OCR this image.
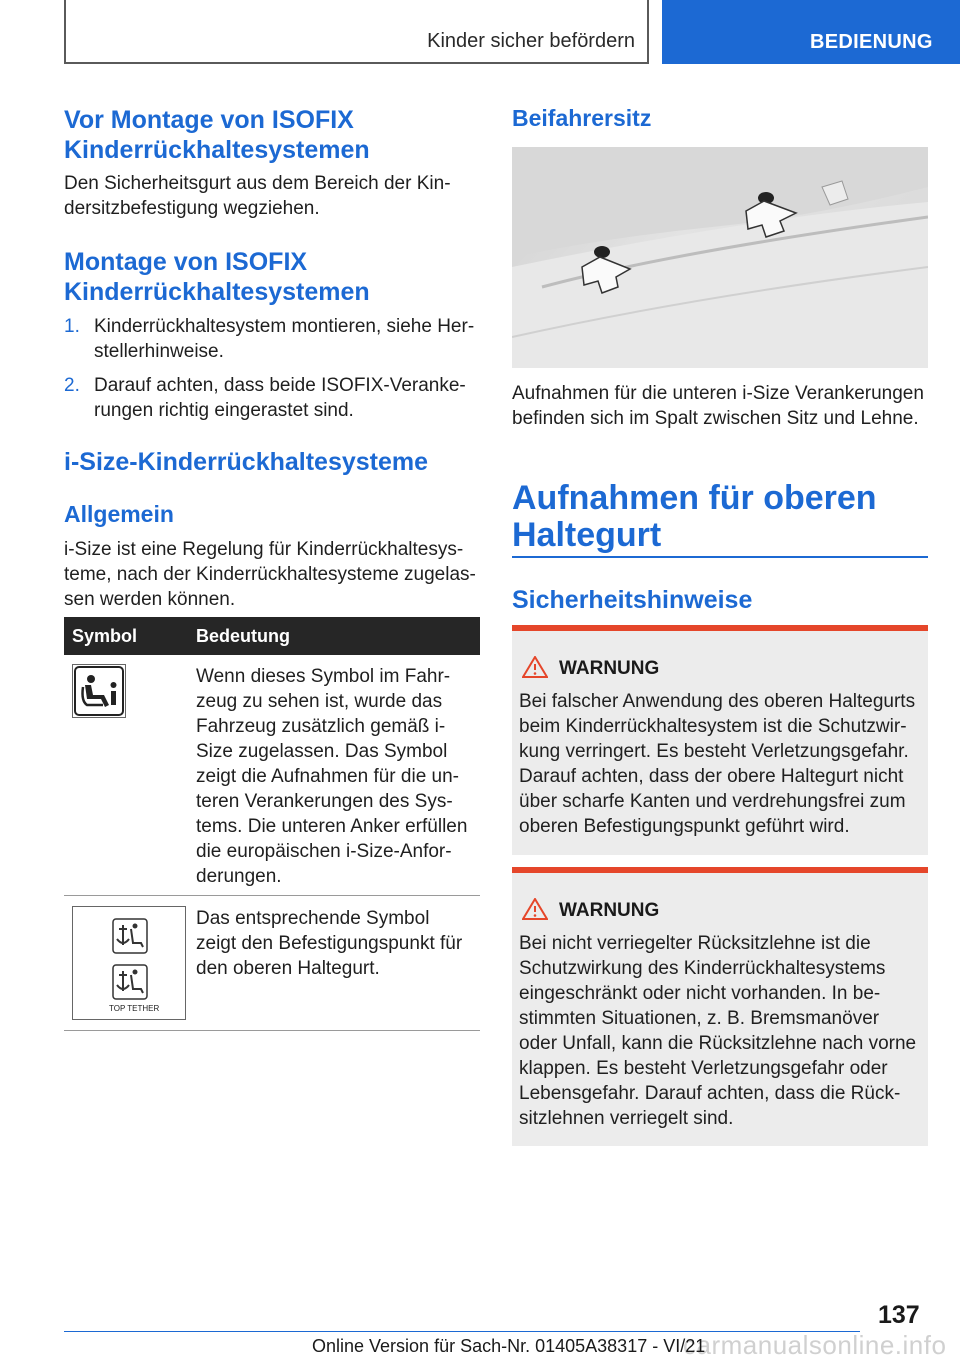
Kinder sicher befördern	BEDIENUNG
Vor Montage von ISOFIX
Kinderrückhaltesystemen
Den Sicherheitsgurt aus dem Bereich der Kin-
dersitzbefestigung wegziehen.
Montage von ISOFIX
Kinderrückhaltesystemen
1. Kinderrückhaltesystem montieren, siehe Her-
stellerhinweise.
2. Darauf achten, dass beide ISOFIX-Veranke-
rungen richtig eingerastet sind.
i-Size-Kinderrückhaltesysteme
Allgemein
i-Size ist eine Regelung für Kinderrückhaltesys-
teme, nach der Kinderrückhaltesysteme zugelas-
sen werden können.
Symbol	Bedeutung
Wenn dieses Symbol im Fahr-
zeug zu sehen ist, wurde das
Fahrzeug zusätzlich gemäß i-
Size zugelassen. Das Symbol
zeigt die Aufnahmen für die un-
teren Verankerungen des Sys-
tems. Die unteren Anker erfüllen
die europäischen i-Size-Anfor-
derungen.
TOP TETHER
Das entsprechende Symbol
zeigt den Befestigungspunkt für
den oberen Haltegurt.
Beifahrersitz
Aufnahmen für die unteren i-Size Verankerungen
befinden sich im Spalt zwischen Sitz und Lehne.
Aufnahmen für oberen
Haltegurt
Sicherheitshinweise
WARNUNG
Bei falscher Anwendung des oberen Haltegurts
beim Kinderrückhaltesystem ist die Schutzwir-
kung verringert. Es besteht Verletzungsgefahr.
Darauf achten, dass der obere Haltegurt nicht
über scharfe Kanten und verdrehungsfrei zum
oberen Befestigungspunkt geführt wird.
WARNUNG
Bei nicht verriegelter Rücksitzlehne ist die
Schutzwirkung des Kinderrückhaltesystems
eingeschränkt oder nicht vorhanden. In be-
stimmten Situationen, z. B. Bremsmanöver
oder Unfall, kann die Rücksitzlehne nach vorne
klappen. Es besteht Verletzungsgefahr oder
Lebensgefahr. Darauf achten, dass die Rück-
sitzlehnen verriegelt sind.
137
carmanualsonline.info
Online Version für Sach-Nr. 01405A38317 - VI/21
